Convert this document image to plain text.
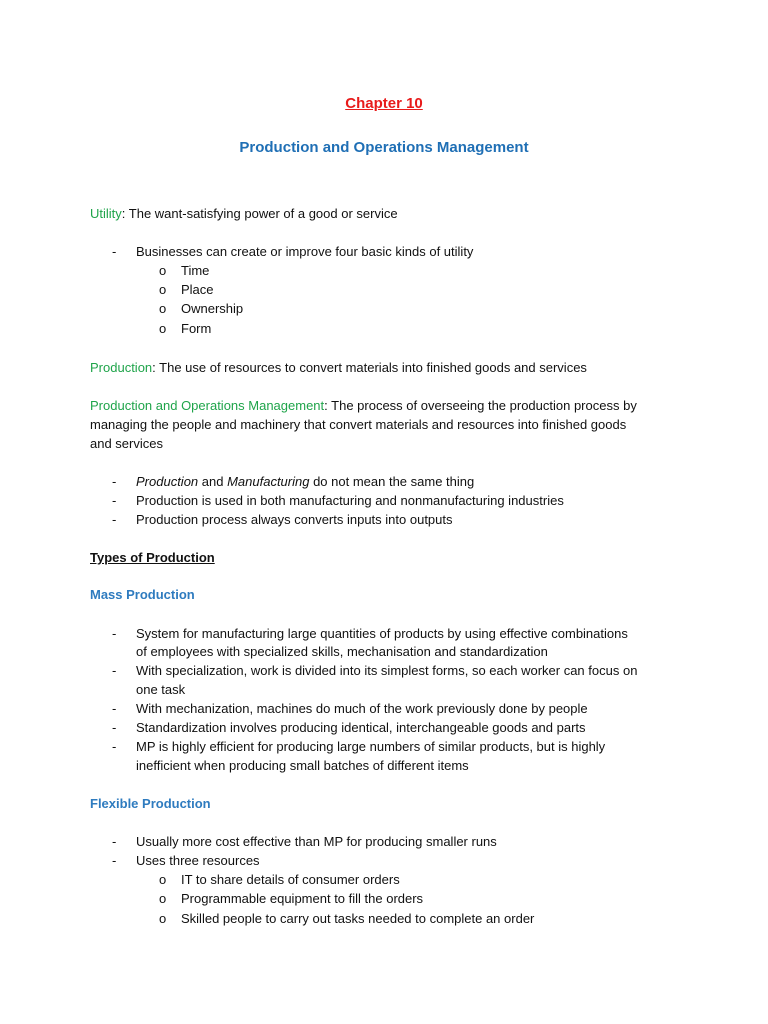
Chapter 10
Production and Operations Management
Utility: The want-satisfying power of a good or service
- Businesses can create or improve four basic kinds of utility
o Time
o Place
o Ownership
o Form
Production: The use of resources to convert materials into finished goods and services
Production and Operations Management: The process of overseeing the production process by
managing the people and machinery that convert materials and resources into finished goods
and services
- Production and Manufacturing do not mean the same thing
- Production is used in both manufacturing and nonmanufacturing industries
- Production process always converts inputs into outputs
Types of Production
Mass Production
- System for manufacturing large quantities of products by using effective combinations
of employees with specialized skills, mechanisation and standardization
- With specialization, work is divided into its simplest forms, so each worker can focus on
one task
- With mechanization, machines do much of the work previously done by people
- Standardization involves producing identical, interchangeable goods and parts
- MP is highly efficient for producing large numbers of similar products, but is highly
inefficient when producing small batches of different items
Flexible Production
- Usually more cost effective than MP for producing smaller runs
- Uses three resources
o IT to share details of consumer orders
o Programmable equipment to fill the orders
o Skilled people to carry out tasks needed to complete an order
